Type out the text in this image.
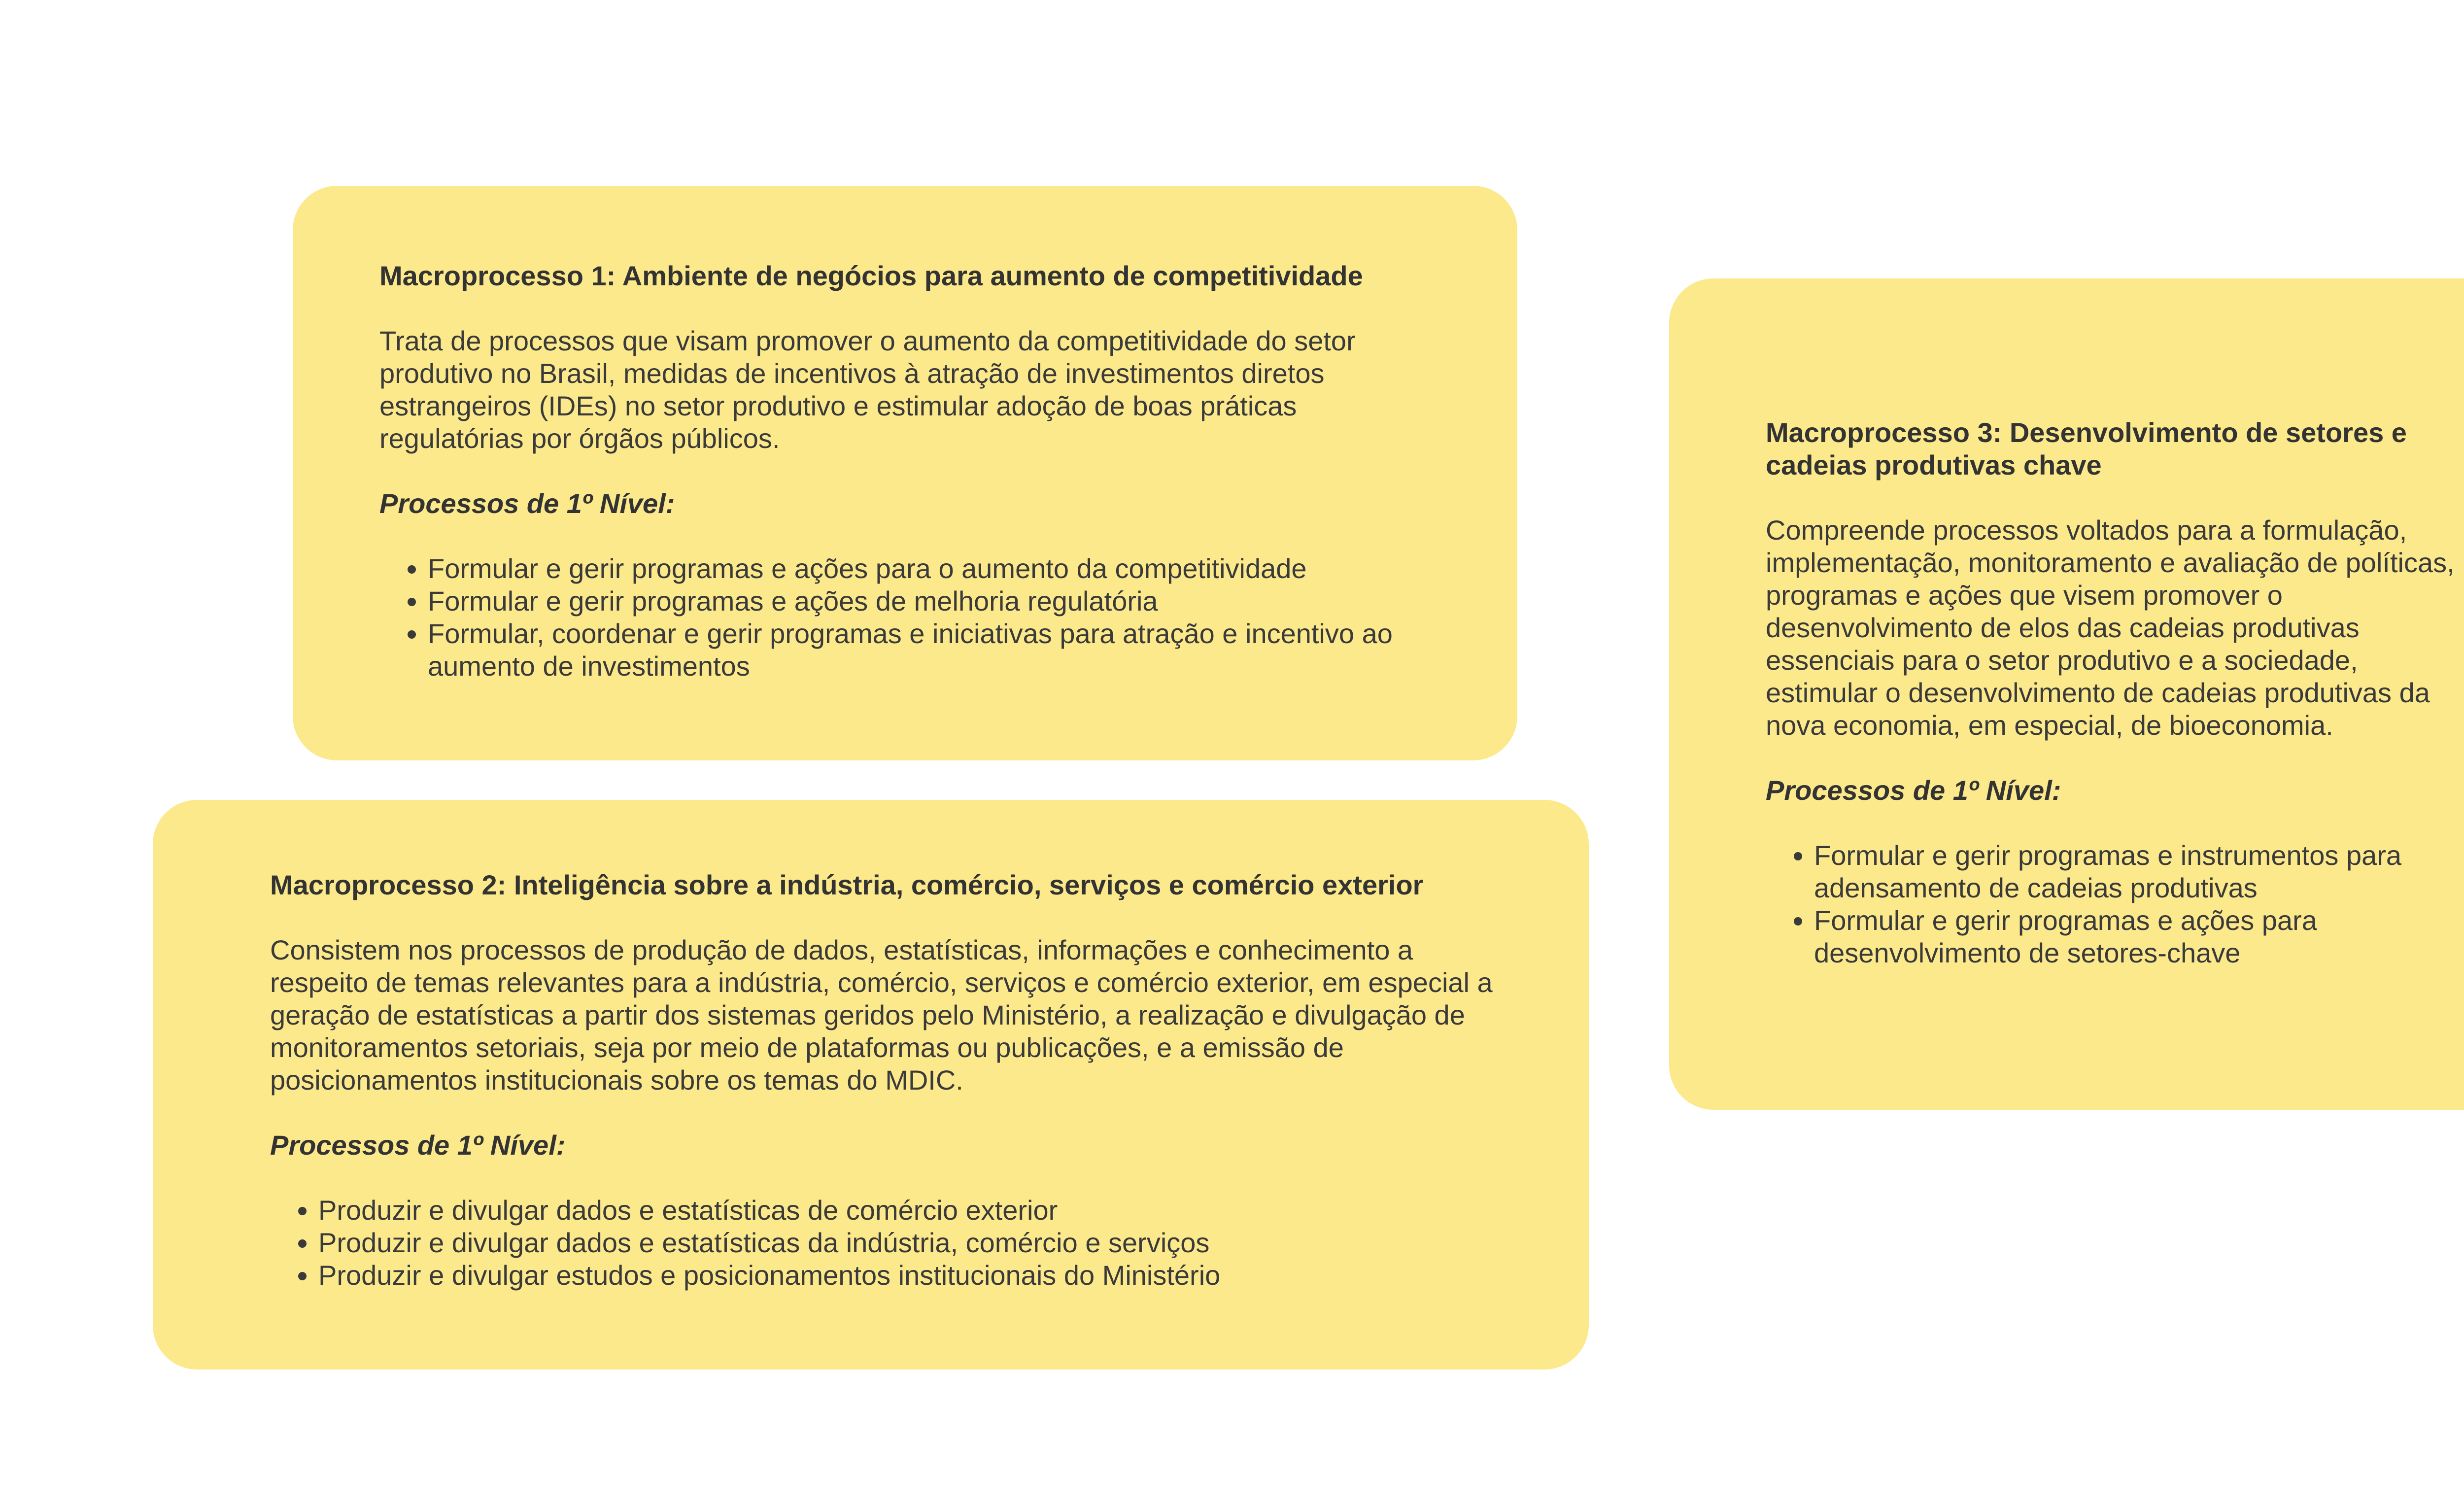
Macroprocesso 1: Ambiente de negócios para aumento de competitividade
Trata de processos que visam promover o aumento da competitividade do setor produtivo no Brasil, medidas de incentivos à atração de investimentos diretos estrangeiros (IDEs) no setor produtivo e estimular adoção de boas práticas regulatórias por órgãos públicos.
Processos de 1º Nível:
• Formular e gerir programas e ações para o aumento da competitividade
• Formular e gerir programas e ações de melhoria regulatória
• Formular, coordenar e gerir programas e iniciativas para atração e incentivo ao aumento de investimentos
Macroprocesso 2: Inteligência sobre a indústria, comércio, serviços e comércio exterior
Consistem nos processos de produção de dados, estatísticas, informações e conhecimento a respeito de temas relevantes para a indústria, comércio, serviços e comércio exterior, em especial a geração de estatísticas a partir dos sistemas geridos pelo Ministério, a realização e divulgação de monitoramentos setoriais, seja por meio de plataformas ou publicações, e a emissão de posicionamentos institucionais sobre os temas do MDIC.
Processos de 1º Nível:
• Produzir e divulgar dados e estatísticas de comércio exterior
• Produzir e divulgar dados e estatísticas da indústria, comércio e serviços
• Produzir e divulgar estudos e posicionamentos institucionais do Ministério
Macroprocesso 3: Desenvolvimento de setores e cadeias produtivas chave
Compreende processos voltados para a formulação, implementação, monitoramento e avaliação de políticas, programas e ações que visem promover o desenvolvimento de elos das cadeias produtivas essenciais para o setor produtivo e a sociedade, estimular o desenvolvimento de cadeias produtivas da nova economia, em especial, de bioeconomia.
Processos de 1º Nível:
• Formular e gerir programas e instrumentos para adensamento de cadeias produtivas
• Formular e gerir programas e ações para desenvolvimento de setores-chave
